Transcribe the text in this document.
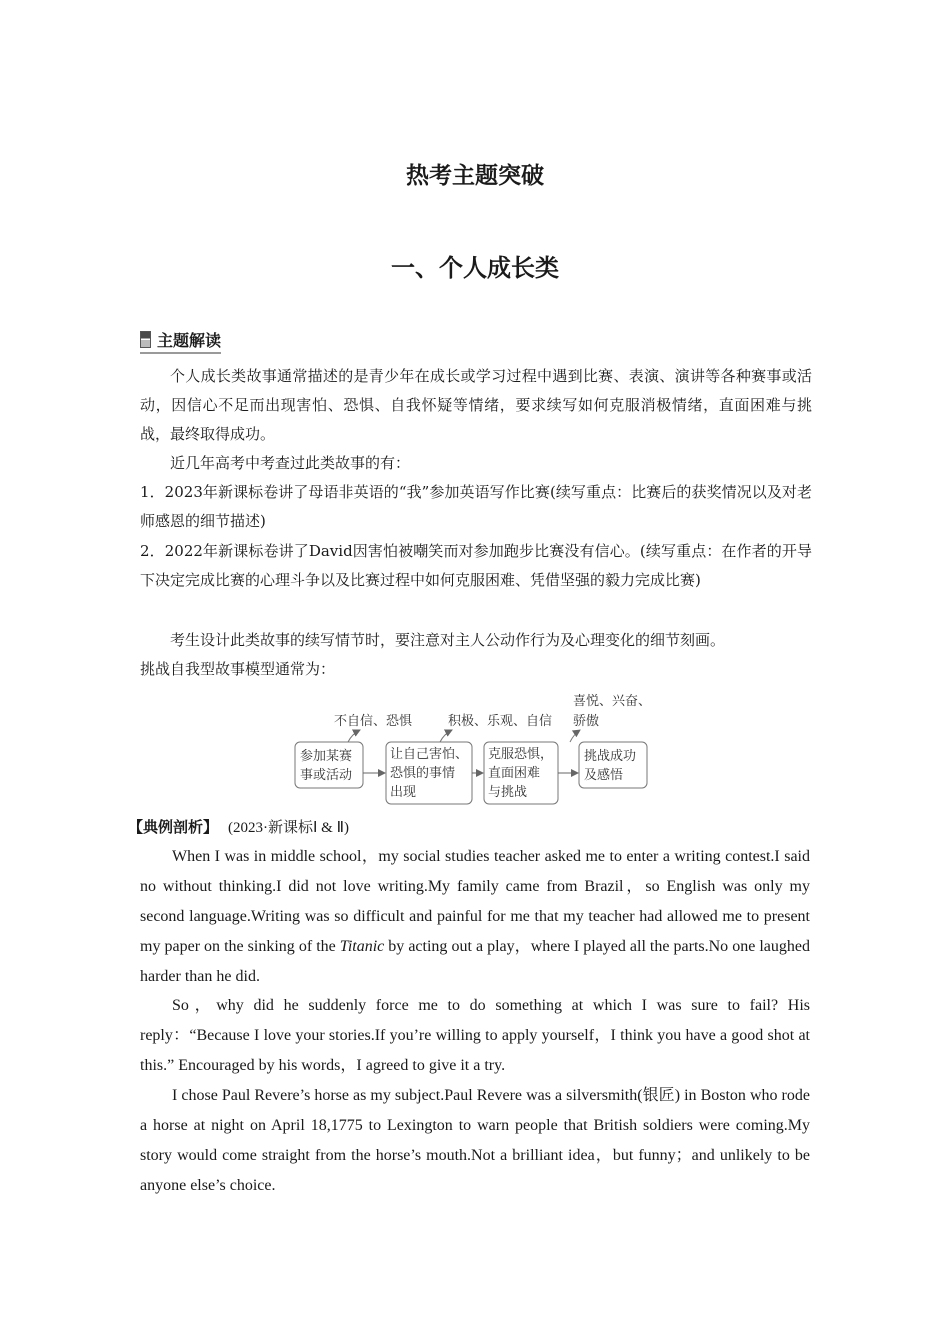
热考主题突破
一、个人成长类
主题解读

个人成长类故事通常描述的是青少年在成长或学习过程中遇到比赛、表演、演讲等各种赛事或活动，因信心不足而出现害怕、恐惧、自我怀疑等情绪，要求续写如何克服消极情绪，直面困难与挑战，最终取得成功。

近几年高考中考查过此类故事的有：

1．2023年新课标卷讲了母语非英语的“我”参加英语写作比赛(续写重点：比赛后的获奖情况以及对老师感恩的细节描述)

2．2022年新课标卷讲了David因害怕被嘲笑而对参加跑步比赛没有信心。(续写重点：在作者的开导下决定完成比赛的心理斗争以及比赛过程中如何克服困难、凭借坚强的毅力完成比赛)

考生设计此类故事的续写情节时，要注意对主人公动作行为及心理变化的细节刻画。

挑战自我型故事模型通常为：

不自信、恐惧	积极、乐观、自信
喜悦、兴奋、
骄傲
参加某赛
事或活动
让自己害怕、
恐惧的事情
出现
克服恐惧，
直面困难
与挑战
挑战成功
及感悟
【典例剖析】 (2023·新课标Ⅰ & Ⅱ)

When I was in middle school，my social studies teacher asked me to enter a writing contest.I said no without thinking.I did not love writing.My family came from Brazil，so English was only my second language.Writing was so difficult and painful for me that my teacher had allowed me to present my paper on the sinking of the Titanic by acting out a play，where I played all the parts.No one laughed harder than he did.

So，why did he suddenly force me to do something at which I was sure to fail? His reply：“Because I love your stories.If you’re willing to apply yourself，I think you have a good shot at this.” Encouraged by his words，I agreed to give it a try.

I chose Paul Revere’s horse as my subject.Paul Revere was a silversmith(银匠) in Boston who rode a horse at night on April 18,1775 to Lexington to warn people that British soldiers were coming.My story would come straight from the horse’s mouth.Not a brilliant idea，but funny；and unlikely to be anyone else’s choice.
